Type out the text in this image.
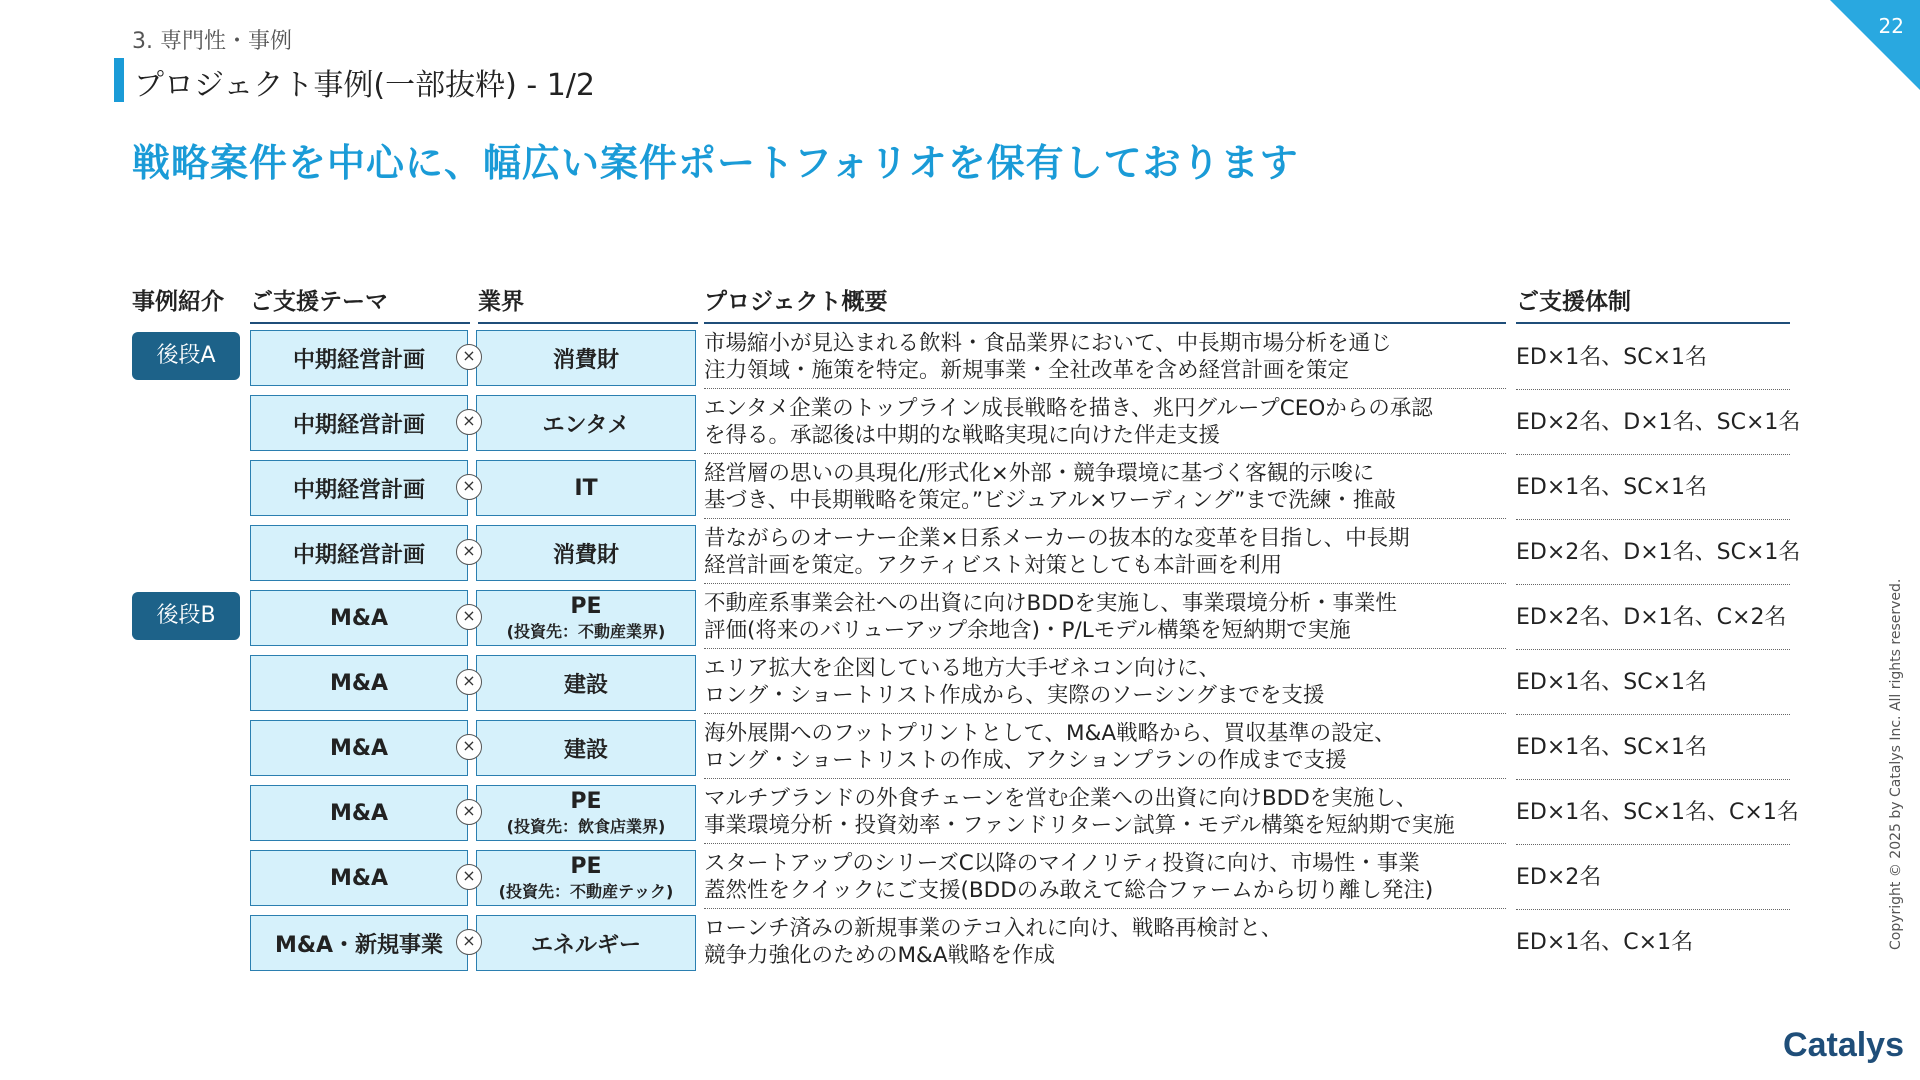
3. 専門性・事例
プロジェクト事例(一部抜粋) - 1/2
22
戦略案件を中心に、幅広い案件ポートフォリオを保有しております
事例紹介	ご支援テーマ	業界	プロジェクト概要	ご支援体制
後段A	中期経営計画	×	消費財
市場縮小が見込まれる飲料・食品業界において、中長期市場分析を通じ
注力領域・施策を特定。新規事業・全社改革を含め経営計画を策定
ED×1名、SC×1名
中期経営計画	×	エンタメ
エンタメ企業のトップライン成長戦略を描き、兆円グループCEOからの承認
を得る。承認後は中期的な戦略実現に向けた伴走支援
ED×2名、D×1名、SC×1名
中期経営計画	×	IT
経営層の思いの具現化/形式化×外部・競争環境に基づく客観的示唆に
基づき、中長期戦略を策定。”ビジュアル×ワーディング”まで洗練・推敲
ED×1名、SC×1名
中期経営計画	×	消費財
昔ながらのオーナー企業×日系メーカーの抜本的な変革を目指し、中長期
経営計画を策定。アクティビスト対策としても本計画を利用
ED×2名、D×1名、SC×1名
後段B	M&A	×	PE
(投資先：不動産業界)
不動産系事業会社への出資に向けBDDを実施し、事業環境分析・事業性
評価(将来のバリューアップ余地含)・P/Lモデル構築を短納期で実施
ED×2名、D×1名、C×2名
M&A	×	建設
エリア拡大を企図している地方大手ゼネコン向けに、
ロング・ショートリスト作成から、実際のソーシングまでを支援
ED×1名、SC×1名
M&A	×	建設
海外展開へのフットプリントとして、M&A戦略から、買収基準の設定、
ロング・ショートリストの作成、アクションプランの作成まで支援
ED×1名、SC×1名
M&A	×	PE
(投資先：飲食店業界)
マルチブランドの外食チェーンを営む企業への出資に向けBDDを実施し、
事業環境分析・投資効率・ファンドリターン試算・モデル構築を短納期で実施
ED×1名、SC×1名、C×1名
M&A	×	PE
(投資先：不動産テック)
スタートアップのシリーズC以降のマイノリティ投資に向け、市場性・事業
蓋然性をクイックにご支援(BDDのみ敢えて総合ファームから切り離し発注)
ED×2名
M&A・新規事業	×	エネルギー
ローンチ済みの新規事業のテコ入れに向け、戦略再検討と、
競争力強化のためのM&A戦略を作成
ED×1名、C×1名	Copyright © 2025 by Catalys Inc. All rights reserved.
Catalys
